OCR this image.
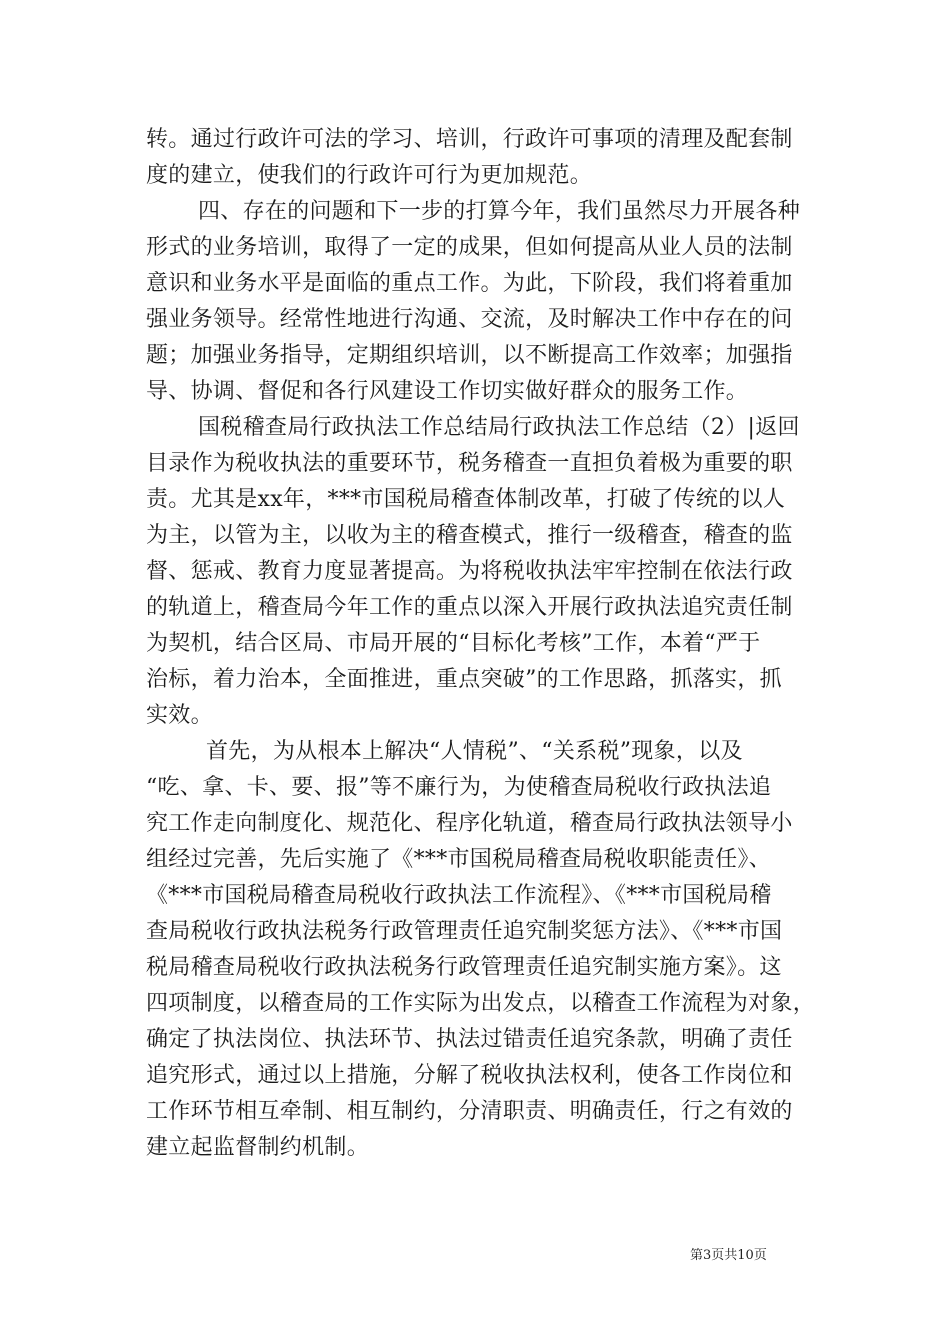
转。通过行政许可法的学习、培训，行政许可事项的清理及配套制
度的建立，使我们的行政许可行为更加规范。
四、存在的问题和下一步的打算今年，我们虽然尽力开展各种
形式的业务培训，取得了一定的成果，但如何提高从业人员的法制
意识和业务水平是面临的重点工作。为此，下阶段，我们将着重加
强业务领导。经常性地进行沟通、交流，及时解决工作中存在的问
题；加强业务指导，定期组织培训，以不断提高工作效率；加强指
导、协调、督促和各行风建设工作切实做好群众的服务工作。
国税稽查局行政执法工作总结局行政执法工作总结（2）|返回
目录作为税收执法的重要环节，税务稽查一直担负着极为重要的职
责。尤其是xx年，***市国税局稽查体制改革，打破了传统的以人
为主，以管为主，以收为主的稽查模式，推行一级稽查，稽查的监
督、惩戒、教育力度显著提高。为将税收执法牢牢控制在依法行政
的轨道上，稽查局今年工作的重点以深入开展行政执法追究责任制
为契机，结合区局、市局开展的“目标化考核”工作，本着“严于
治标，着力治本，全面推进，重点突破”的工作思路，抓落实，抓
实效。
首先，为从根本上解决“人情税”、“关系税”现象，以及
“吃、拿、卡、要、报”等不廉行为，为使稽查局税收行政执法追
究工作走向制度化、规范化、程序化轨道，稽查局行政执法领导小
组经过完善，先后实施了《***市国税局稽查局税收职能责任》、
《***市国税局稽查局税收行政执法工作流程》、《***市国税局稽
查局税收行政执法税务行政管理责任追究制奖惩方法》、《***市国
税局稽查局税收行政执法税务行政管理责任追究制实施方案》。这
四项制度，以稽查局的工作实际为出发点，以稽查工作流程为对象，
确定了执法岗位、执法环节、执法过错责任追究条款，明确了责任
追究形式，通过以上措施，分解了税收执法权利，使各工作岗位和
工作环节相互牵制、相互制约，分清职责、明确责任，行之有效的
建立起监督制约机制。
第3页共10页
